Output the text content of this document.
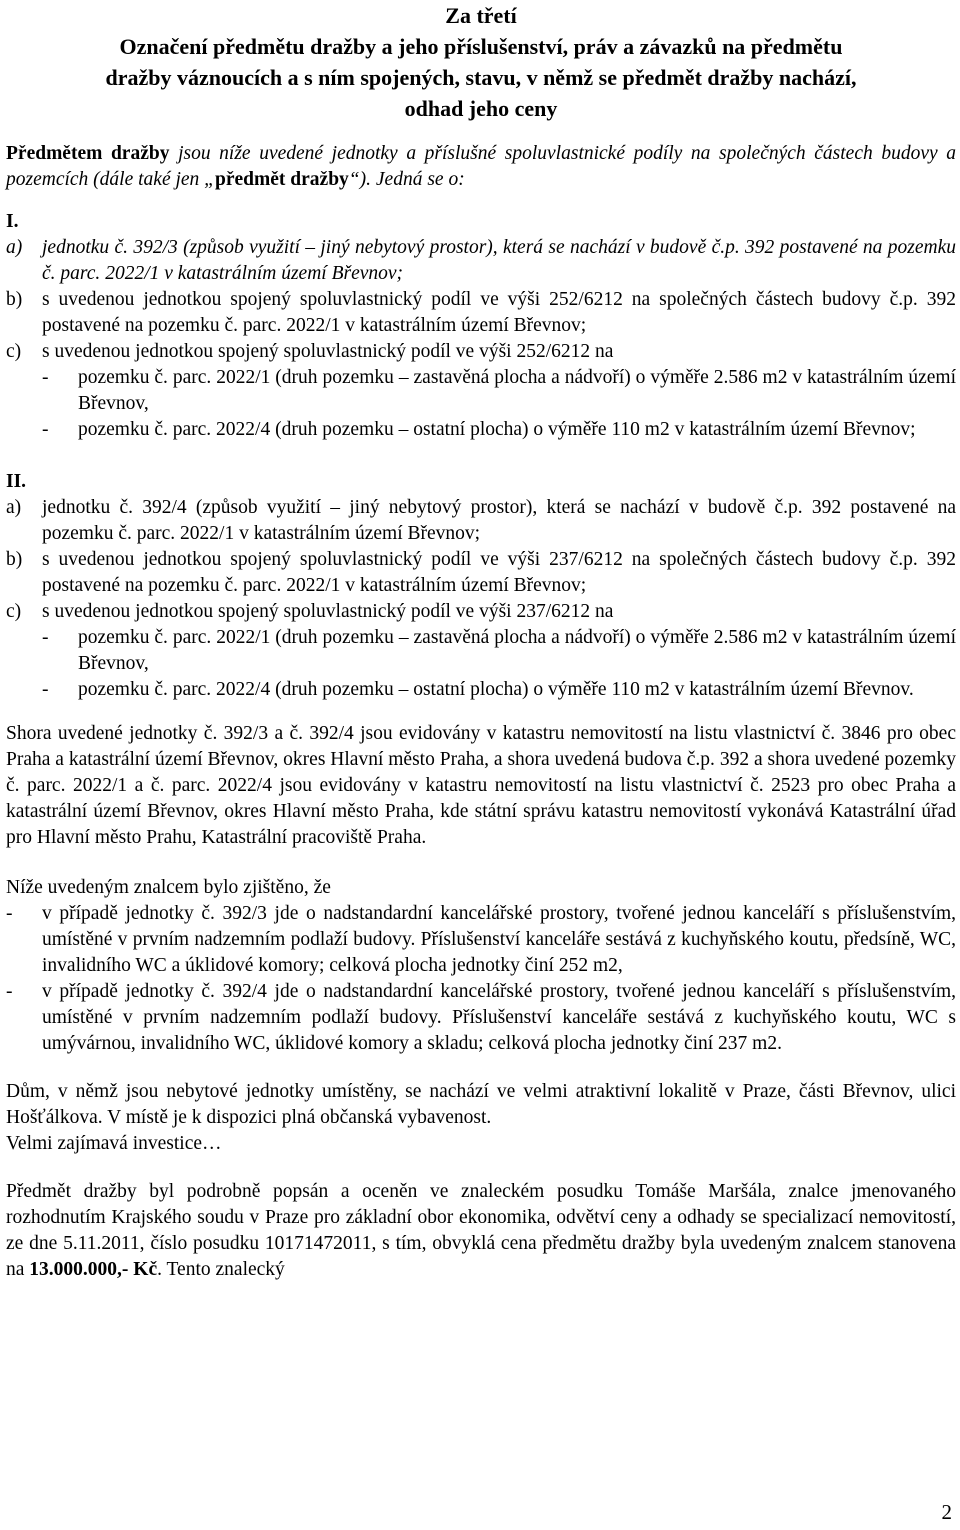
Za třetí

Označení předmětu dražby a jeho příslušenství, práv a závazků na předmětu

dražby váznoucích a s ním spojených, stavu, v němž se předmět dražby nachází,

odhad jeho ceny

Předmětem dražby jsou níže uvedené jednotky a příslušné spoluvlastnické podíly na společných částech budovy a pozemcích (dále také jen „předmět dražby“). Jedná se o:

I.

a)	jednotku č. 392/3 (způsob využití – jiný nebytový prostor), která se nachází v budově č.p. 392 postavené na pozemku č. parc. 2022/1 v katastrálním území Břevnov;
b)	s uvedenou jednotkou spojený spoluvlastnický podíl ve výši 252/6212 na společných částech budovy č.p. 392 postavené na pozemku č. parc. 2022/1 v katastrálním území Břevnov;
c)	s uvedenou jednotkou spojený spoluvlastnický podíl ve výši 252/6212 na
-	pozemku č. parc. 2022/1 (druh pozemku – zastavěná plocha a nádvoří) o výměře 2.586 m2 v katastrálním území Břevnov,
-	pozemku č. parc. 2022/4 (druh pozemku – ostatní plocha) o výměře 110 m2 v katastrálním území Břevnov;

II.

a)	jednotku č. 392/4 (způsob využití – jiný nebytový prostor), která se nachází v budově č.p. 392 postavené na pozemku č. parc. 2022/1 v katastrálním území Břevnov;
b)	s uvedenou jednotkou spojený spoluvlastnický podíl ve výši 237/6212 na společných částech budovy č.p. 392 postavené na pozemku č. parc. 2022/1 v katastrálním území Břevnov;
c)	s uvedenou jednotkou spojený spoluvlastnický podíl ve výši 237/6212 na
-	pozemku č. parc. 2022/1 (druh pozemku – zastavěná plocha a nádvoří) o výměře 2.586 m2 v katastrálním území Břevnov,
-	pozemku č. parc. 2022/4 (druh pozemku – ostatní plocha) o výměře 110 m2 v katastrálním území Břevnov.

Shora uvedené jednotky č. 392/3 a č. 392/4 jsou evidovány v katastru nemovitostí na listu vlastnictví č. 3846 pro obec Praha a katastrální území Břevnov, okres Hlavní město Praha, a shora uvedená budova č.p. 392 a shora uvedené pozemky č. parc. 2022/1 a č. parc. 2022/4 jsou evidovány v katastru nemovitostí na listu vlastnictví č. 2523 pro obec Praha a katastrální území Břevnov, okres Hlavní město Praha, kde státní správu katastru nemovitostí vykonává Katastrální úřad pro Hlavní město Prahu, Katastrální pracoviště Praha.

Níže uvedeným znalcem bylo zjištěno, že

-	v případě jednotky č. 392/3 jde o nadstandardní kancelářské prostory, tvořené jednou kanceláří s příslušenstvím, umístěné v prvním nadzemním podlaží budovy. Příslušenství kanceláře sestává z kuchyňského koutu, předsíně, WC, invalidního WC a úklidové komory; celková plocha jednotky činí 252 m2,
-	v případě jednotky č. 392/4 jde o nadstandardní kancelářské prostory, tvořené jednou kanceláří s příslušenstvím, umístěné v prvním nadzemním podlaží budovy. Příslušenství kanceláře sestává z kuchyňského koutu, WC s umývárnou, invalidního WC, úklidové komory a skladu; celková plocha jednotky činí 237 m2.

Dům, v němž jsou nebytové jednotky umístěny, se nachází ve velmi atraktivní lokalitě v Praze, části Břevnov, ulici Hošťálkova. V místě je k dispozici plná občanská vybavenost.

Velmi zajímavá investice…

Předmět dražby byl podrobně popsán a oceněn ve znaleckém posudku Tomáše Maršála, znalce jmenovaného rozhodnutím Krajského soudu v Praze pro základní obor ekonomika, odvětví ceny a odhady se specializací nemovitostí, ze dne 5.11.2011, číslo posudku 10171472011, s tím, obvyklá cena předmětu dražby byla uvedeným znalcem stanovena na 13.000.000,- Kč. Tento znalecký

2
